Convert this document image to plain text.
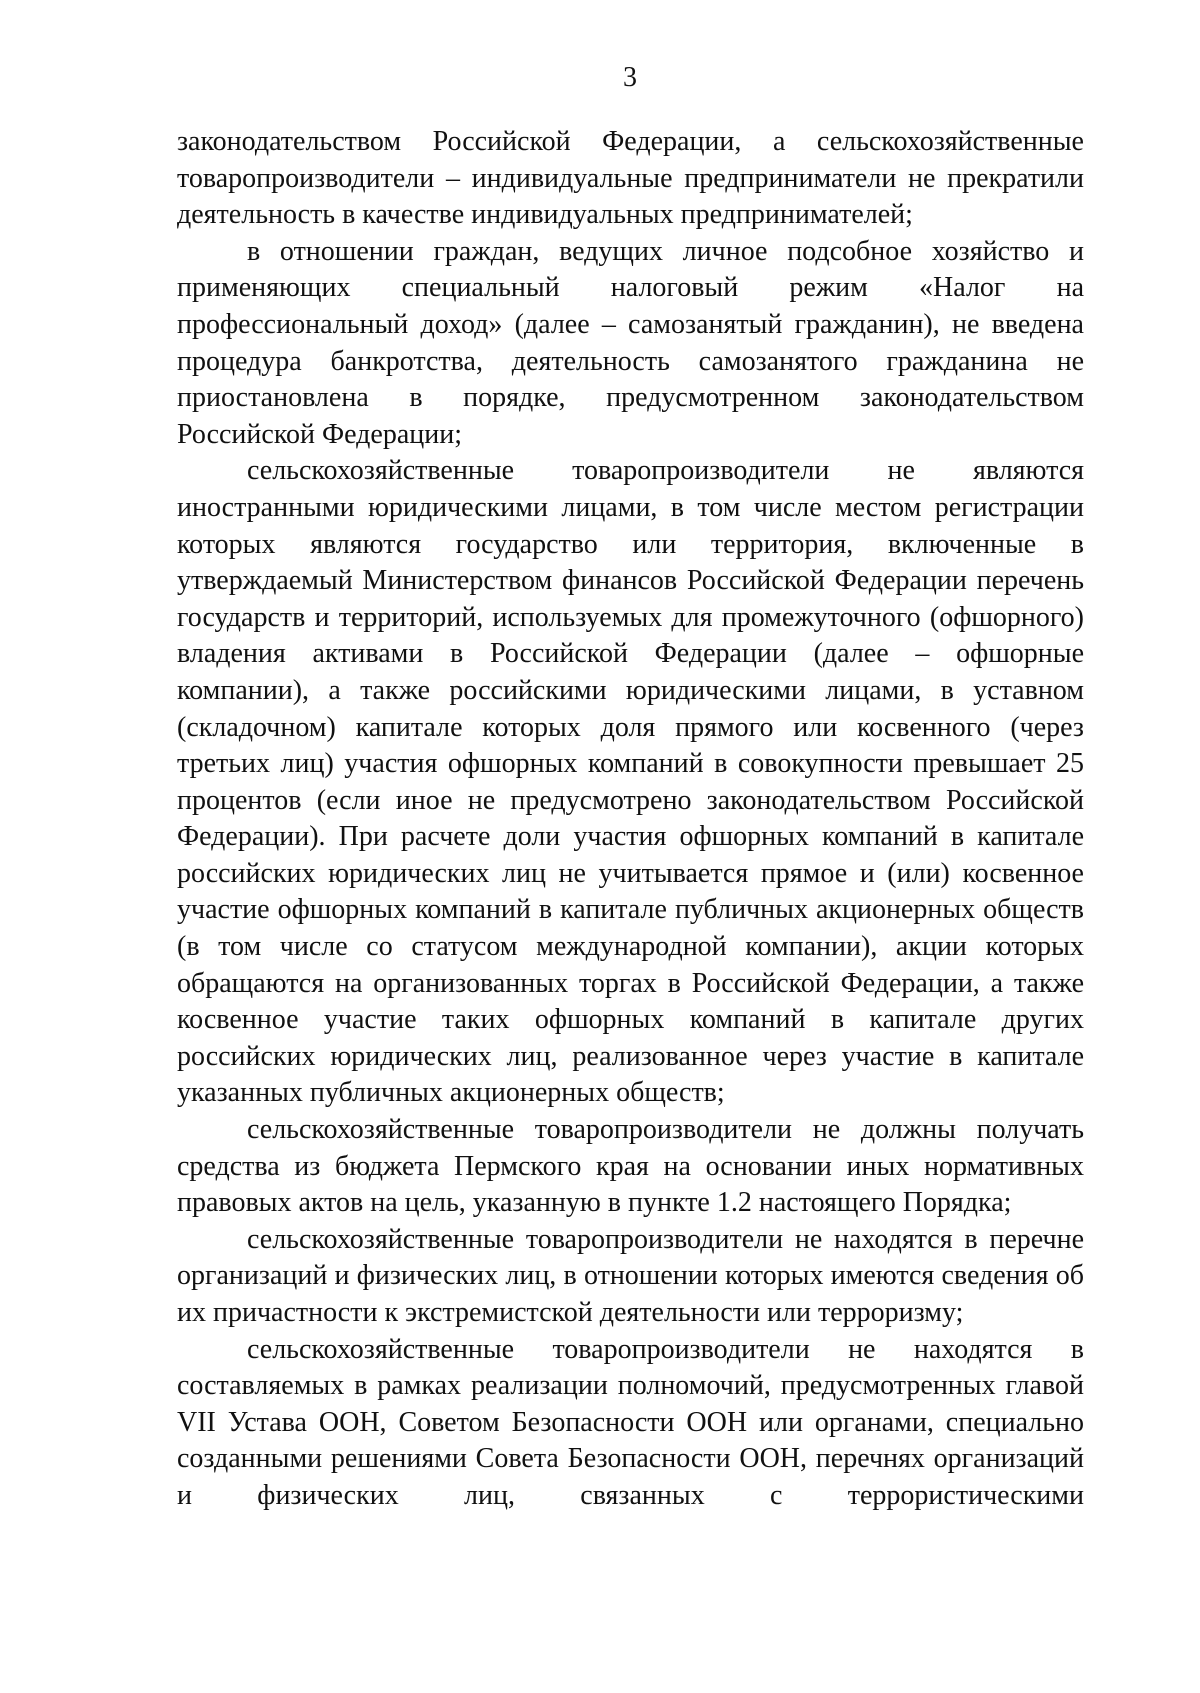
3

законодательством Российской Федерации, а сельскохозяйственные товаропроизводители – индивидуальные предприниматели не прекратили деятельность в качестве индивидуальных предпринимателей;

в отношении граждан, ведущих личное подсобное хозяйство и применяющих специальный налоговый режим «Налог на профессиональный доход» (далее – самозанятый гражданин), не введена процедура банкротства, деятельность самозанятого гражданина не приостановлена в порядке, предусмотренном законодательством Российской Федерации;

сельскохозяйственные товаропроизводители не являются иностранными юридическими лицами, в том числе местом регистрации которых являются государство или территория, включенные в утверждаемый Министерством финансов Российской Федерации перечень государств и территорий, используемых для промежуточного (офшорного) владения активами в Российской Федерации (далее – офшорные компании), а также российскими юридическими лицами, в уставном (складочном) капитале которых доля прямого или косвенного (через третьих лиц) участия офшорных компаний в совокупности превышает 25 процентов (если иное не предусмотрено законодательством Российской Федерации). При расчете доли участия офшорных компаний в капитале российских юридических лиц не учитывается прямое и (или) косвенное участие офшорных компаний в капитале публичных акционерных обществ (в том числе со статусом международной компании), акции которых обращаются на организованных торгах в Российской Федерации, а также косвенное участие таких офшорных компаний в капитале других российских юридических лиц, реализованное через участие в капитале указанных публичных акционерных обществ;

сельскохозяйственные товаропроизводители не должны получать средства из бюджета Пермского края на основании иных нормативных правовых актов на цель, указанную в пункте 1.2 настоящего Порядка;

сельскохозяйственные товаропроизводители не находятся в перечне организаций и физических лиц, в отношении которых имеются сведения об их причастности к экстремистской деятельности или терроризму;

сельскохозяйственные товаропроизводители не находятся в составляемых в рамках реализации полномочий, предусмотренных главой VII Устава ООН, Советом Безопасности ООН или органами, специально созданными решениями Совета Безопасности ООН, перечнях организаций и физических лиц, связанных с террористическими
